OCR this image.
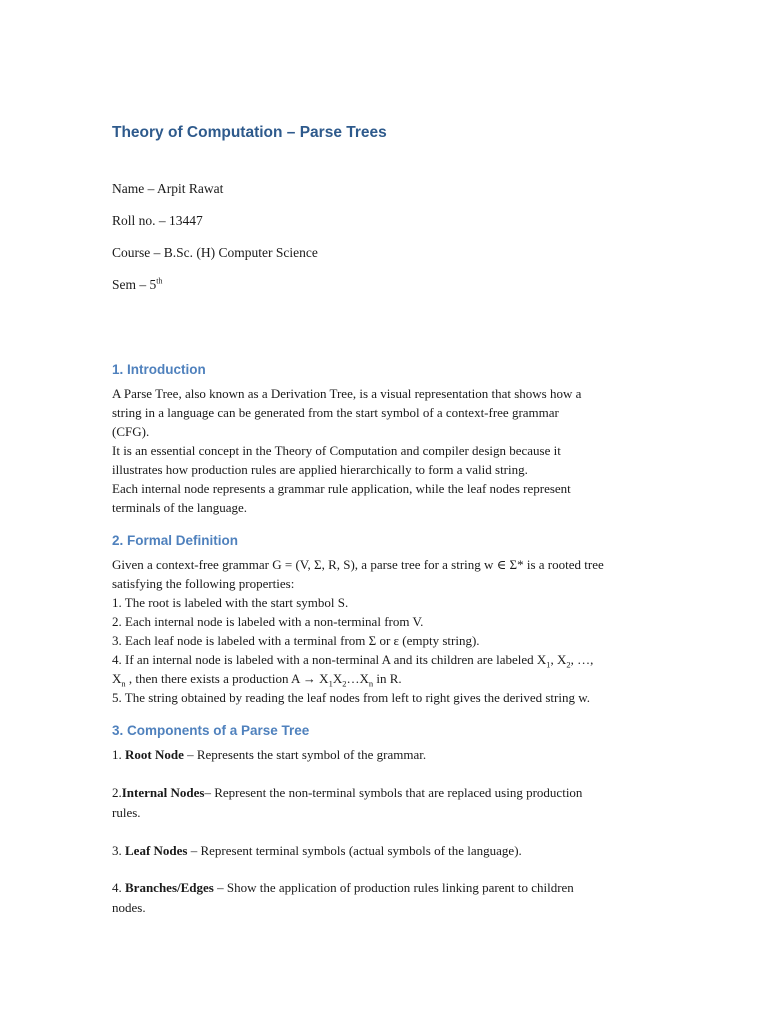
Theory of Computation – Parse Trees

Name – Arpit Rawat

Roll no. – 13447

Course – B.Sc. (H) Computer Science

Sem – 5th

1. Introduction
A Parse Tree, also known as a Derivation Tree, is a visual representation that shows how a
string in a language can be generated from the start symbol of a context-free grammar
(CFG).
It is an essential concept in the Theory of Computation and compiler design because it
illustrates how production rules are applied hierarchically to form a valid string.
Each internal node represents a grammar rule application, while the leaf nodes represent
terminals of the language.
2. Formal Definition
Given a context-free grammar G = (V, Σ, R, S), a parse tree for a string w ∈ Σ* is a rooted tree
satisfying the following properties:
1. The root is labeled with the start symbol S.
2. Each internal node is labeled with a non-terminal from V.
3. Each leaf node is labeled with a terminal from Σ or ε (empty string).
4. If an internal node is labeled with a non-terminal A and its children are labeled $X_1$, $X_2$, …,
$X_n$ , then there exists a production $A \to X_1X_2\dots X_n$ in R.
5. The string obtained by reading the leaf nodes from left to right gives the derived string w.
3. Components of a Parse Tree
1. Root Node – Represents the start symbol of the grammar.
2.Internal Nodes– Represent the non-terminal symbols that are replaced using production
rules.
3. Leaf Nodes – Represent terminal symbols (actual symbols of the language).
4. Branches/Edges – Show the application of production rules linking parent to children
nodes.
